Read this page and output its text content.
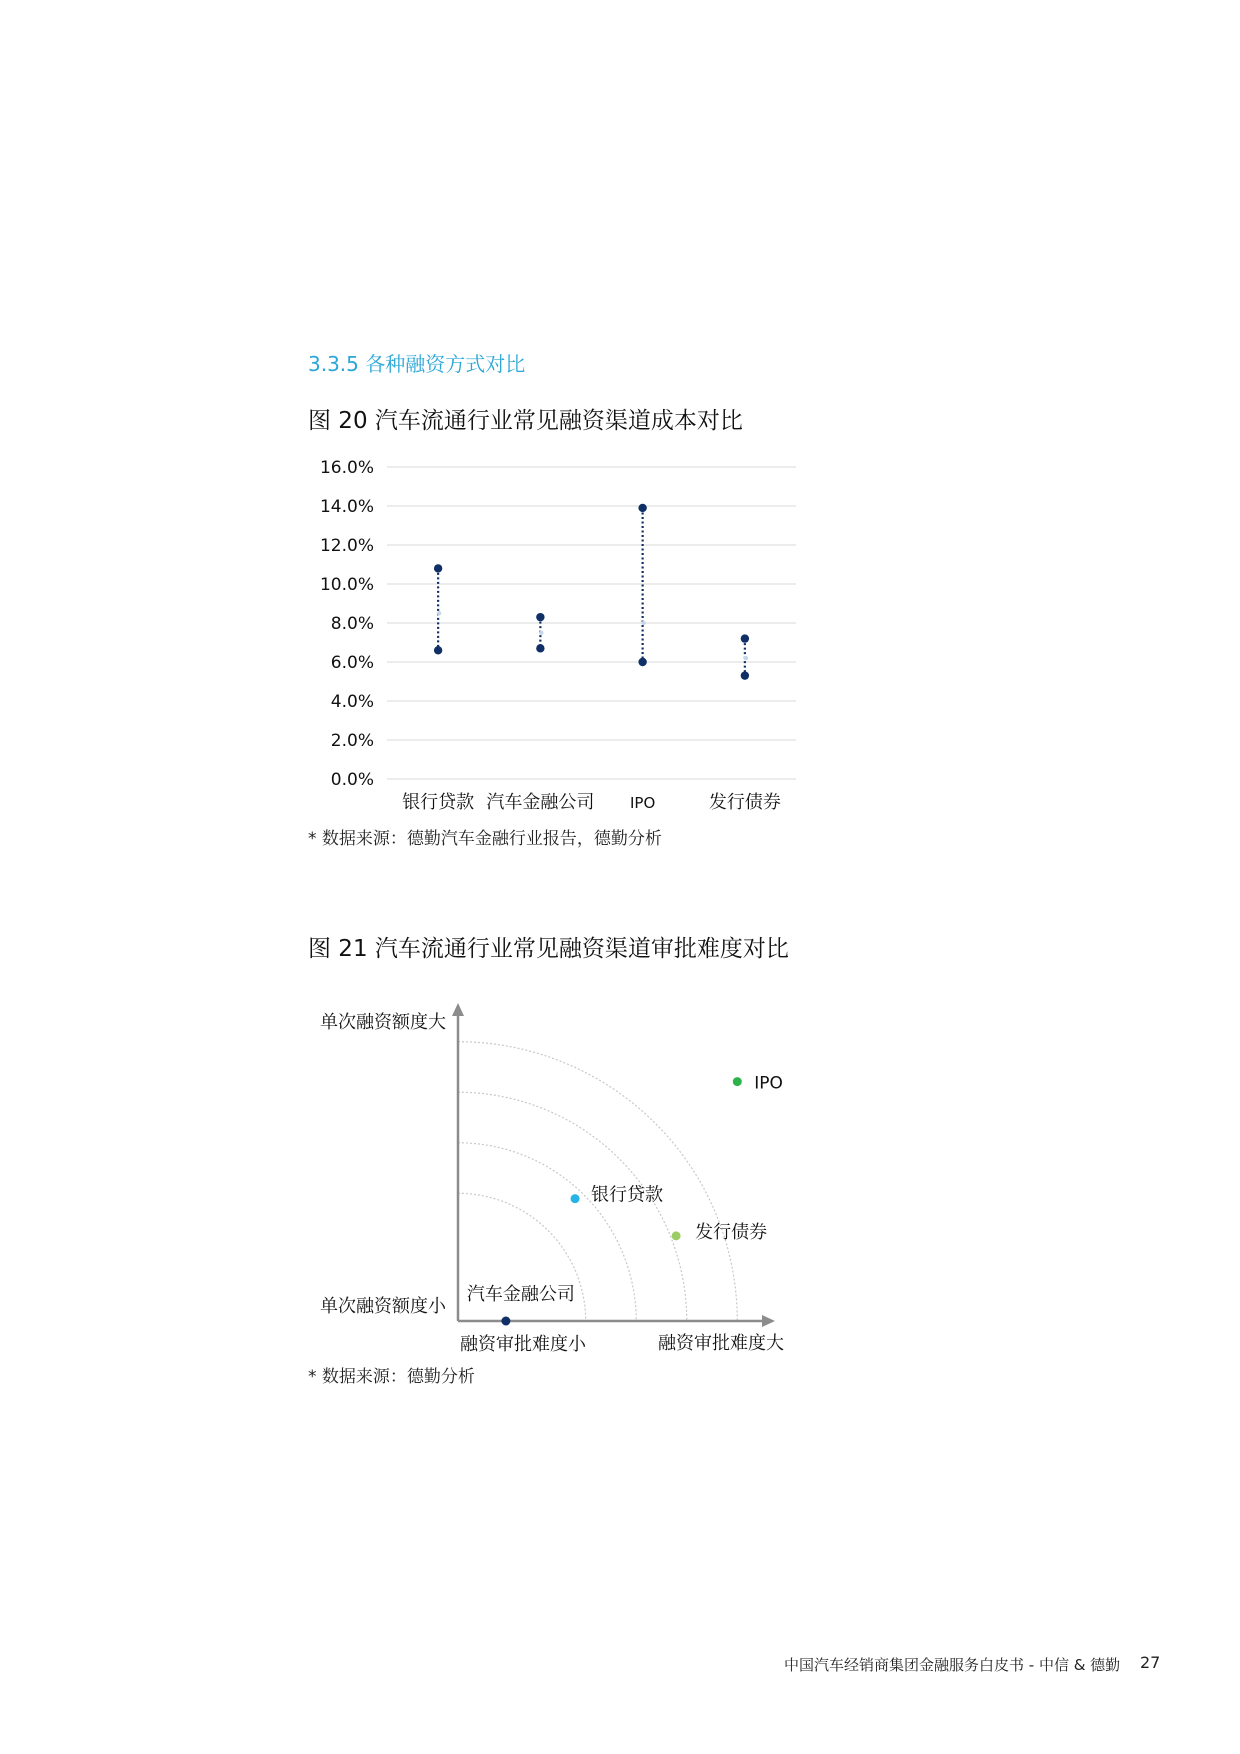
3.3.5 各种融资方式对比
图 20 汽车流通行业常见融资渠道成本对比
0.0%
2.0%
4.0%
6.0%
8.0%
10.0%
12.0%
14.0%
16.0%
银行贷款 汽车金融公司 IPO	发行债券
* 数据来源：德勤汽车金融行业报告，德勤分析
图 21 汽车流通行业常见融资渠道审批难度对比
单次融资额度大
单次融资额度小
融资审批难度小	融资审批难度大
IPO
银行贷款
发行债券
汽车金融公司
* 数据来源：德勤分析
中国汽车经销商集团金融服务白皮书 - 中信 & 德勤 27
